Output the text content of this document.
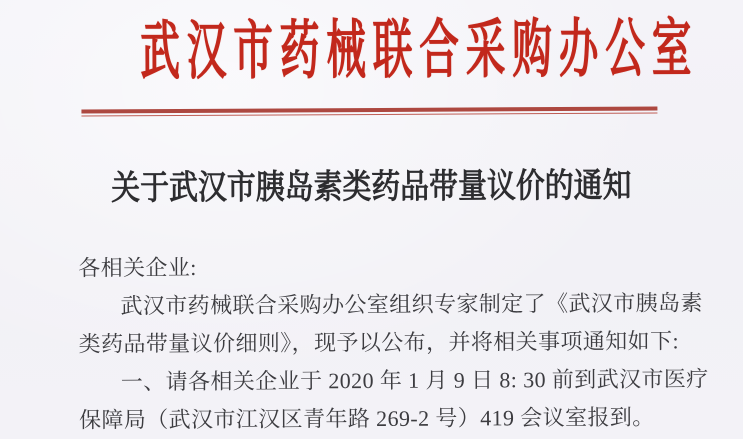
武汉市药械联合采购办公室
关于武汉市胰岛素类药品带量议价的通知

各相关企业:

武汉市药械联合采购办公室组织专家制定了《武汉市胰岛素

类药品带量议价细则》，现予以公布，并将相关事项通知如下:

一、请各相关企业于 2020 年 1 月 9 日 8: 30 前到武汉市医疗

保障局（武汉市江汉区青年路 269-2 号）419 会议室报到。
